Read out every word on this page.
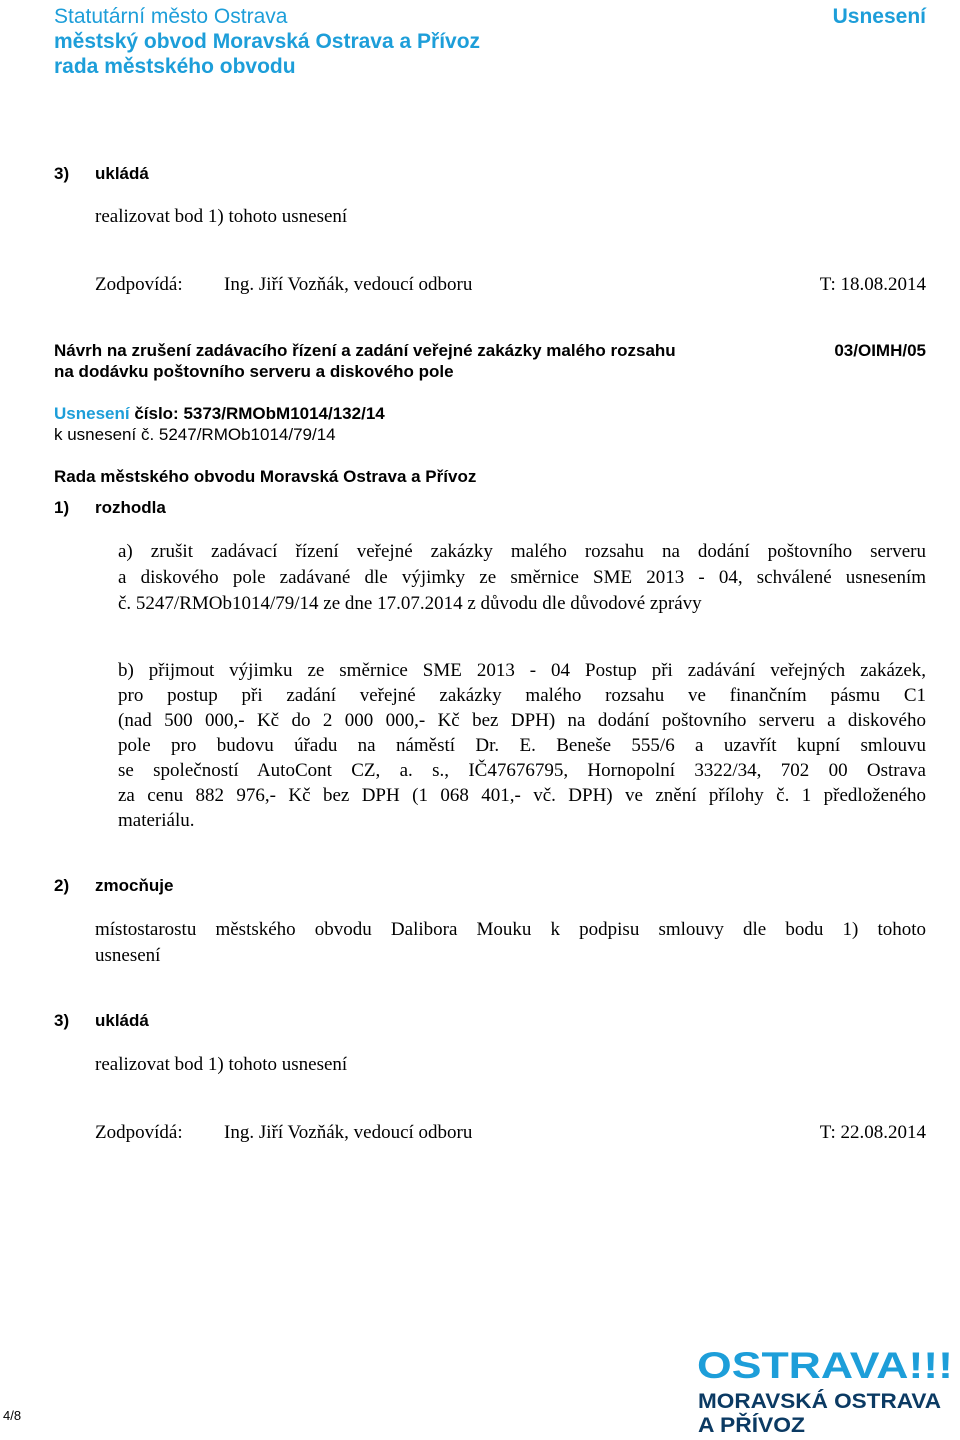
Statutární město Ostrava
městský obvod Moravská Ostrava a Přívoz
rada městského obvodu
Usnesení
3) ukládá
realizovat bod 1) tohoto usnesení
Zodpovídá: Ing. Jiří Vozňák, vedoucí odboru	T: 18.08.2014
Návrh na zrušení zadávacího řízení a zadání veřejné zakázky malého rozsahu
na dodávku poštovního serveru a diskového pole
03/OIMH/05
Usnesení číslo: 5373/RMObM1014/132/14
k usnesení č. 5247/RMOb1014/79/14
Rada městského obvodu Moravská Ostrava a Přívoz
1) rozhodla
a) zrušit zadávací řízení veřejné zakázky malého rozsahu na dodání poštovního serveru
a diskového pole zadávané dle výjimky ze směrnice SME 2013 - 04, schválené usnesením
č. 5247/RMOb1014/79/14 ze dne 17.07.2014 z důvodu dle důvodové zprávy
b) přijmout výjimku ze směrnice SME 2013 - 04 Postup při zadávání veřejných zakázek,
pro postup při zadání veřejné zakázky malého rozsahu ve finančním pásmu C1
(nad 500 000,- Kč do 2 000 000,- Kč bez DPH) na dodání poštovního serveru a diskového
pole pro budovu úřadu na náměstí Dr. E. Beneše 555/6 a uzavřít kupní smlouvu
se společností AutoCont CZ, a. s., IČ47676795, Hornopolní 3322/34, 702 00 Ostrava
za cenu 882 976,- Kč bez DPH (1 068 401,- vč. DPH) ve znění přílohy č. 1 předloženého
materiálu.
2) zmocňuje
místostarostu městského obvodu Dalibora Mouku k podpisu smlouvy dle bodu 1) tohoto
usnesení
3) ukládá
realizovat bod 1) tohoto usnesení
Zodpovídá: Ing. Jiří Vozňák, vedoucí odboru	T: 22.08.2014
4/8
OSTRAVA!!!
MORAVSKÁ OSTRAVA
A PŘÍVOZ
